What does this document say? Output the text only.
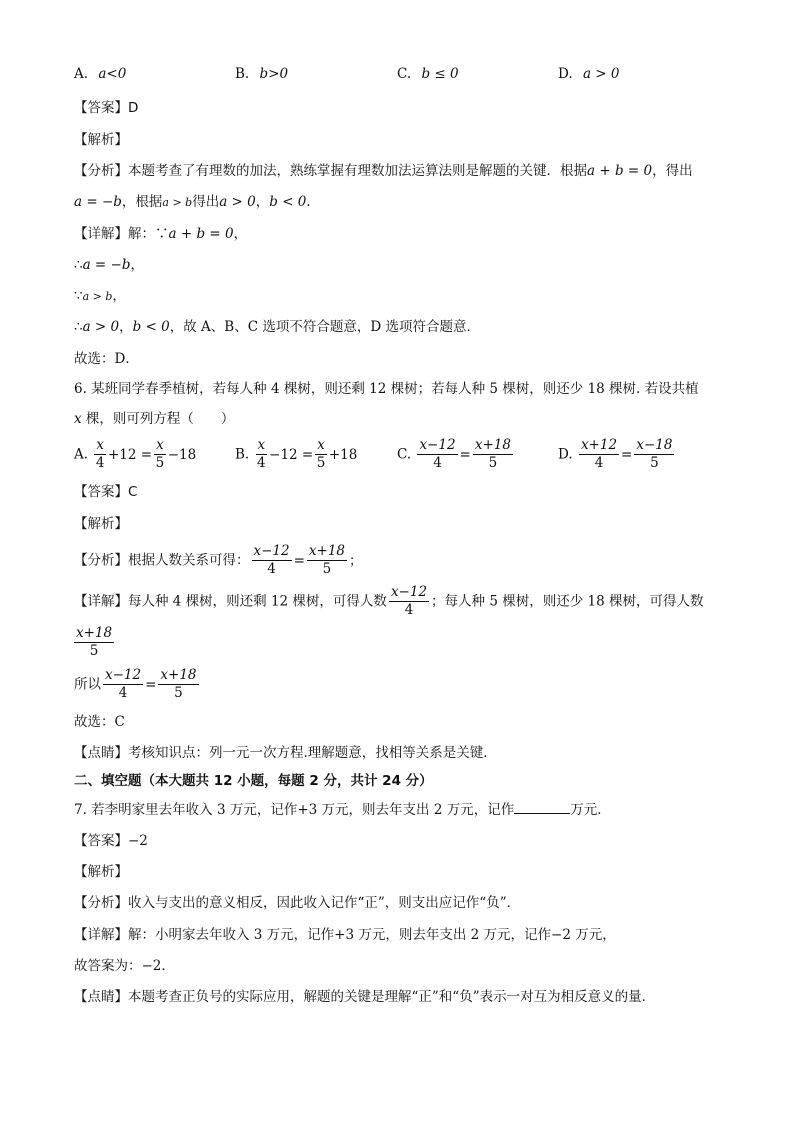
A. a<0	B. b>0	C. b ≤ 0	D. a > 0
【答案】D
【解析】
【分析】本题考查了有理数的加法，熟练掌握有理数加法运算法则是解题的关键．根据a + b = 0，得出
a = −b，根据a > b得出a > 0，b < 0．
【详解】解：∵a + b = 0，
∴a = −b，
∵a > b，
∴a > 0，b < 0，故 A、B、C 选项不符合题意，D 选项符合题意．
故选：D．
6. 某班同学春季植树，若每人种 4 棵树，则还剩 12 棵树；若每人种 5 棵树，则还少 18 棵树. 若设共植
x 棵，则可列方程（　　）
A. $\frac{x}{4} +12 = \frac{x}{5} -18$	B. $\frac{x}{4} -12 = \frac{x}{5} +18$	C. $\frac{x-12}{4} = \frac{x+18}{5}$	D. $\frac{x+12}{4} = \frac{x-18}{5}$
【答案】C
【解析】
【分析】根据人数关系可得： $\frac{x-12}{4} = \frac{x+18}{5}$ ；
【详解】每人种 4 棵树，则还剩 12 棵树，可得人数 $\frac{x-12}{4}$ ；每人种 5 棵树，则还少 18 棵树，可得人数
$\frac{x+18}{5}$
所以 $\frac{x-12}{4} = \frac{x+18}{5}$
故选：C
【点睛】考核知识点：列一元一次方程.理解题意，找相等关系是关键.
二、填空题（本大题共 12 小题，每题 2 分，共计 24 分）
7. 若李明家里去年收入 3 万元，记作+3 万元，则去年支出 2 万元，记作	万元．
【答案】−2
【解析】
【分析】收入与支出的意义相反，因此收入记作“正”，则支出应记作“负”．
【详解】解：小明家去年收入 3 万元，记作+3 万元，则去年支出 2 万元，记作−2 万元，
故答案为：−2．
【点睛】本题考查正负号的实际应用，解题的关键是理解“正”和“负”表示一对互为相反意义的量．
